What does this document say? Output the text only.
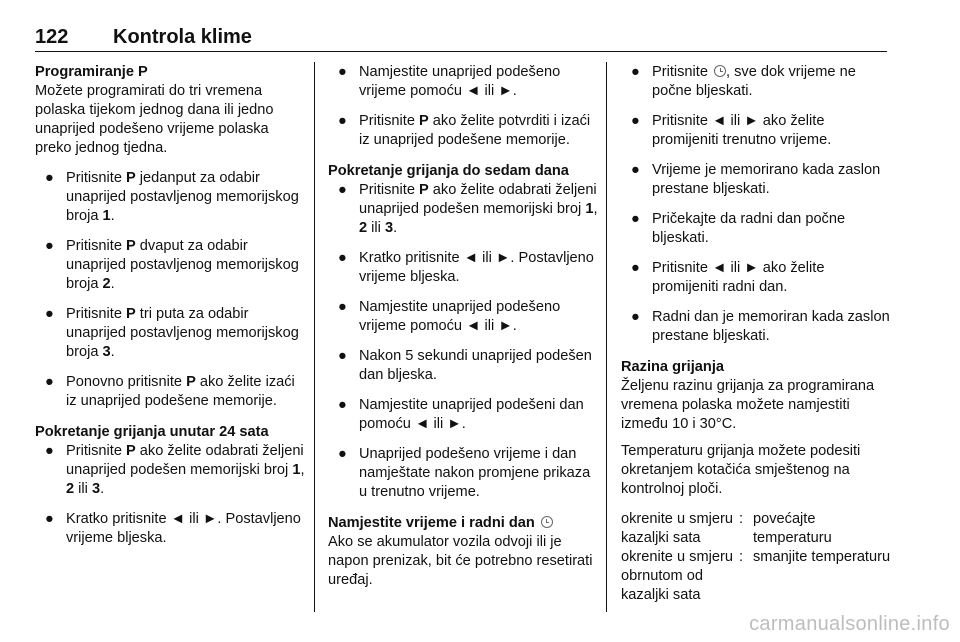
122 Kontrola klime
Programiranje P
Možete programirati do tri vremena polaska tijekom jednog dana ili jedno unaprijed podešeno vrijeme polaska preko jednog tjedna.
● Pritisnite P jedanput za odabir unaprijed postavljenog memorijskog broja 1.
● Pritisnite P dvaput za odabir unaprijed postavljenog memorijskog broja 2.
● Pritisnite P tri puta za odabir unaprijed postavljenog memorijskog broja 3.
● Ponovno pritisnite P ako želite izaći iz unaprijed podešene memorije.
Pokretanje grijanja unutar 24 sata
● Pritisnite P ako želite odabrati željeni unaprijed podešen memorijski broj 1, 2 ili 3.
● Kratko pritisnite ◄ ili ►. Postavljeno vrijeme bljeska.
● Namjestite unaprijed podešeno vrijeme pomoću ◄ ili ►.
● Pritisnite P ako želite potvrditi i izaći iz unaprijed podešene memorije.
Pokretanje grijanja do sedam dana
● Pritisnite P ako želite odabrati željeni unaprijed podešen memorijski broj 1, 2 ili 3.
● Kratko pritisnite ◄ ili ►. Postavljeno vrijeme bljeska.
● Namjestite unaprijed podešeno vrijeme pomoću ◄ ili ►.
● Nakon 5 sekundi unaprijed podešen dan bljeska.
● Namjestite unaprijed podešeni dan pomoću ◄ ili ►.
● Unaprijed podešeno vrijeme i dan namještate nakon promjene prikaza u trenutno vrijeme.
Namjestite vrijeme i radni dan
Ako se akumulator vozila odvoji ili je napon prenizak, bit će potrebno resetirati uređaj.
● Pritisnite , sve dok vrijeme ne počne bljeskati.
● Pritisnite ◄ ili ► ako želite promijeniti trenutno vrijeme.
● Vrijeme je memorirano kada zaslon prestane bljeskati.
● Pričekajte da radni dan počne bljeskati.
● Pritisnite ◄ ili ► ako želite promijeniti radni dan.
● Radni dan je memoriran kada zaslon prestane bljeskati.
Razina grijanja
Željenu razinu grijanja za programirana vremena polaska možete namjestiti između 10 i 30°C.
Temperaturu grijanja možete podesiti okretanjem kotačića smještenog na kontrolnoj ploči.
okrenite u smjeru kazaljki sata
: povećajte temperaturu
okrenite u smjeru obrnutom od kazaljki sata
: smanjite temperaturu
carmanualsonline.info
